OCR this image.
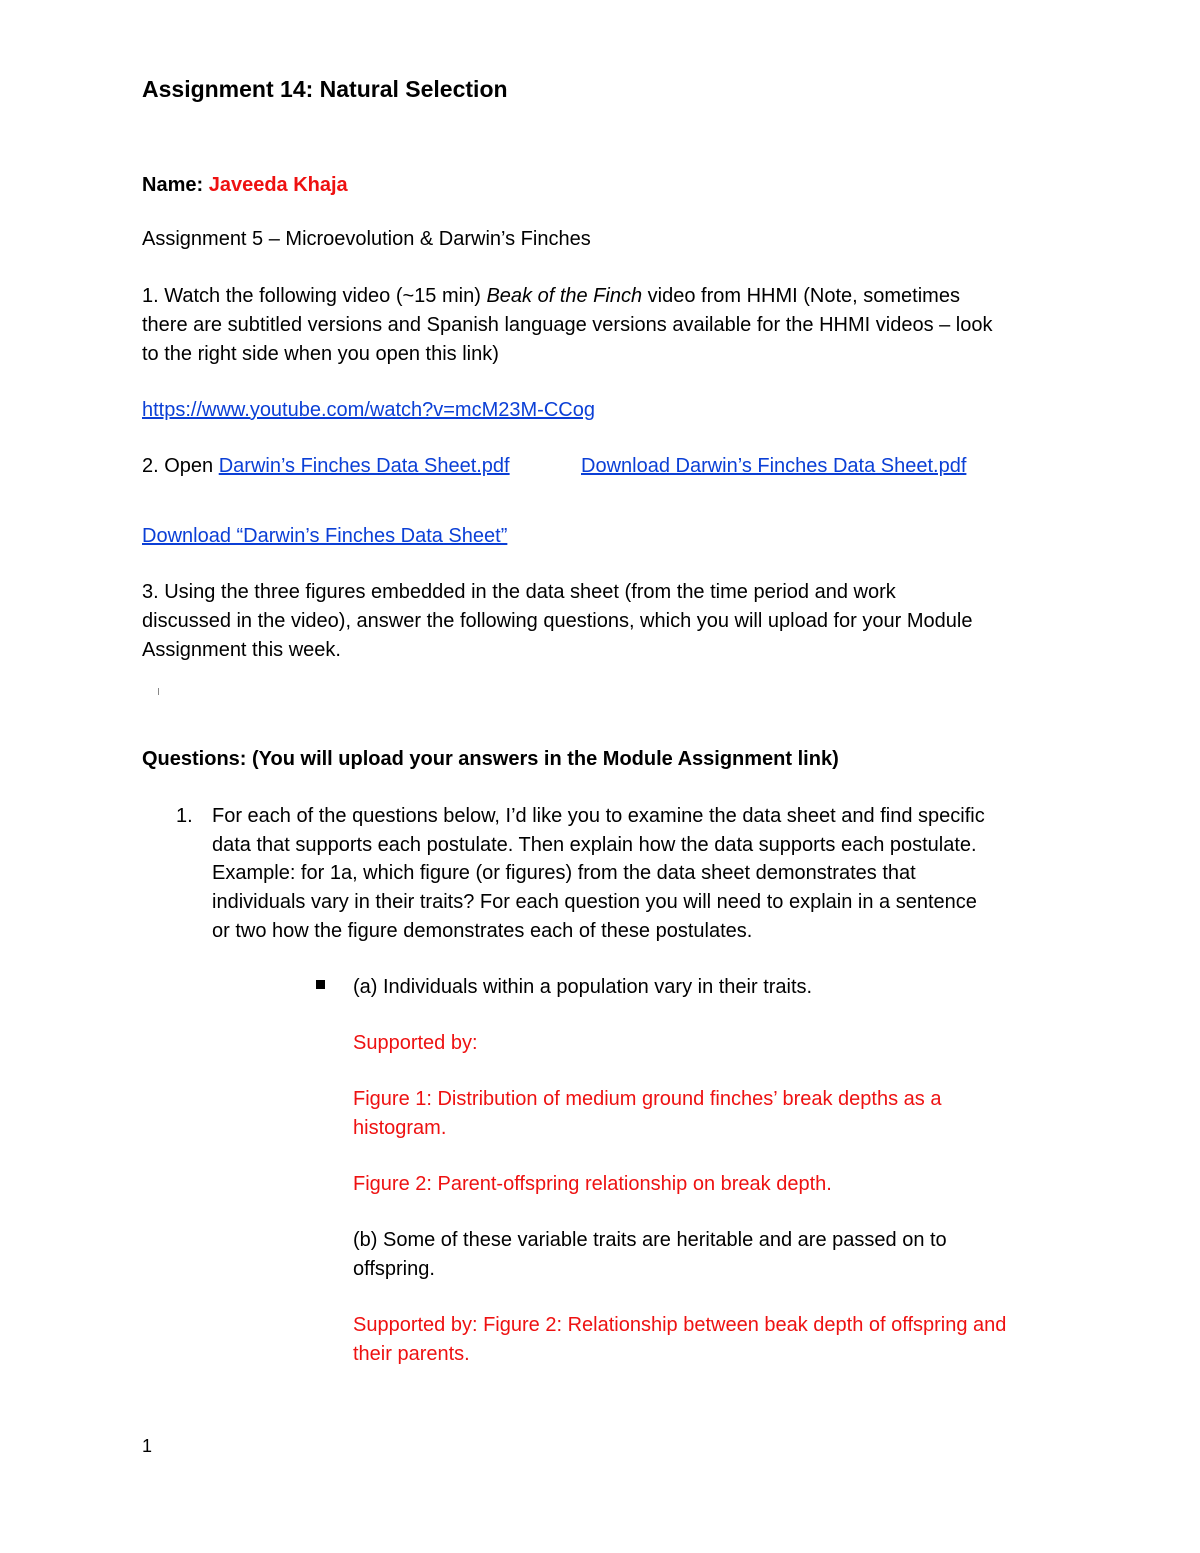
Assignment 14: Natural Selection
Name: Javeeda Khaja
Assignment 5 – Microevolution & Darwin’s Finches
1. Watch the following video (~15 min) Beak of the Finch video from HHMI (Note, sometimes
there are subtitled versions and Spanish language versions available for the HHMI videos – look
to the right side when you open this link)
https://www.youtube.com/watch?v=mcM23M-CCog
2. Open Darwin’s Finches Data Sheet.pdf	Download Darwin’s Finches Data Sheet.pdf
Download “Darwin’s Finches Data Sheet”
3. Using the three figures embedded in the data sheet (from the time period and work
discussed in the video), answer the following questions, which you will upload for your Module
Assignment this week.
Questions: (You will upload your answers in the Module Assignment link)
1. For each of the questions below, I’d like you to examine the data sheet and find specific
data that supports each postulate. Then explain how the data supports each postulate.
Example: for 1a, which figure (or figures) from the data sheet demonstrates that
individuals vary in their traits? For each question you will need to explain in a sentence
or two how the figure demonstrates each of these postulates.
(a) Individuals within a population vary in their traits.
Supported by:
Figure 1: Distribution of medium ground finches’ break depths as a
histogram.
Figure 2: Parent-offspring relationship on break depth.
(b) Some of these variable traits are heritable and are passed on to
offspring.
Supported by: Figure 2: Relationship between beak depth of offspring and
their parents.
1
